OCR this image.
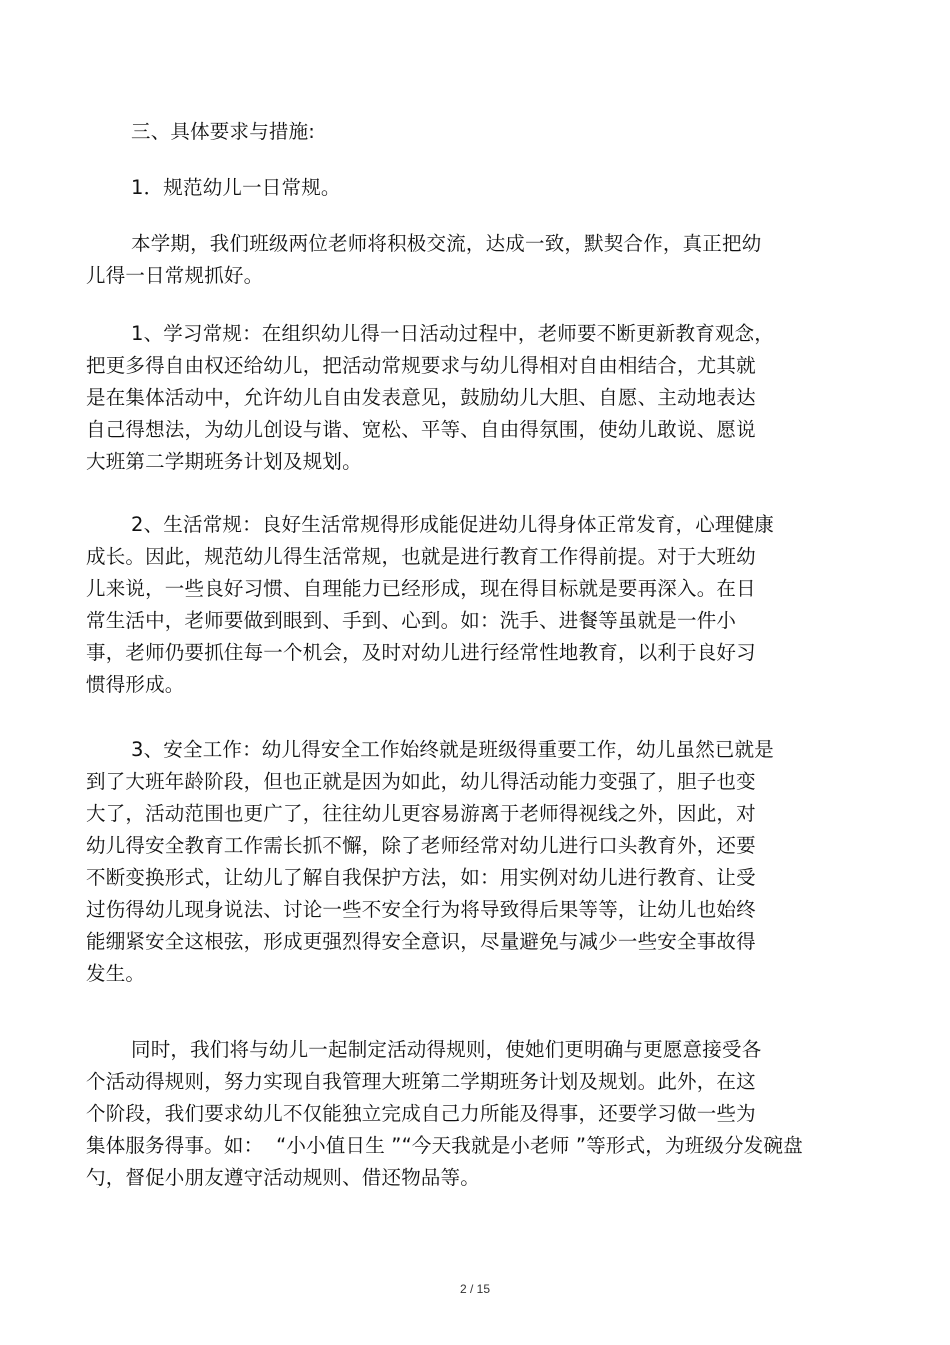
三、具体要求与措施:
1．规范幼儿一日常规。
本学期，我们班级两位老师将积极交流，达成一致，默契合作，真正把幼
儿得一日常规抓好。
1、学习常规：在组织幼儿得一日活动过程中，老师要不断更新教育观念，
把更多得自由权还给幼儿，把活动常规要求与幼儿得相对自由相结合，尤其就
是在集体活动中，允许幼儿自由发表意见，鼓励幼儿大胆、自愿、主动地表达
自己得想法，为幼儿创设与谐、宽松、平等、自由得氛围，使幼儿敢说、愿说
大班第二学期班务计划及规划。
2、生活常规：良好生活常规得形成能促进幼儿得身体正常发育，心理健康
成长。因此，规范幼儿得生活常规，也就是进行教育工作得前提。对于大班幼
儿来说，一些良好习惯、自理能力已经形成，现在得目标就是要再深入。在日
常生活中，老师要做到眼到、手到、心到。如：洗手、进餐等虽就是一件小
事，老师仍要抓住每一个机会，及时对幼儿进行经常性地教育，以利于良好习
惯得形成。
3、安全工作：幼儿得安全工作始终就是班级得重要工作，幼儿虽然已就是
到了大班年龄阶段，但也正就是因为如此，幼儿得活动能力变强了，胆子也变
大了，活动范围也更广了，往往幼儿更容易游离于老师得视线之外，因此，对
幼儿得安全教育工作需长抓不懈，除了老师经常对幼儿进行口头教育外，还要
不断变换形式，让幼儿了解自我保护方法，如：用实例对幼儿进行教育、让受
过伤得幼儿现身说法、讨论一些不安全行为将导致得后果等等，让幼儿也始终
能绷紧安全这根弦，形成更强烈得安全意识，尽量避免与减少一些安全事故得
发生。
同时，我们将与幼儿一起制定活动得规则，使她们更明确与更愿意接受各
个活动得规则，努力实现自我管理大班第二学期班务计划及规划。此外，在这
个阶段，我们要求幼儿不仅能独立完成自己力所能及得事，还要学习做一些为
集体服务得事。如：  “小小值日生 ”“今天我就是小老师 ”等形式，为班级分发碗盘
勺，督促小朋友遵守活动规则、借还物品等。
2 / 15
